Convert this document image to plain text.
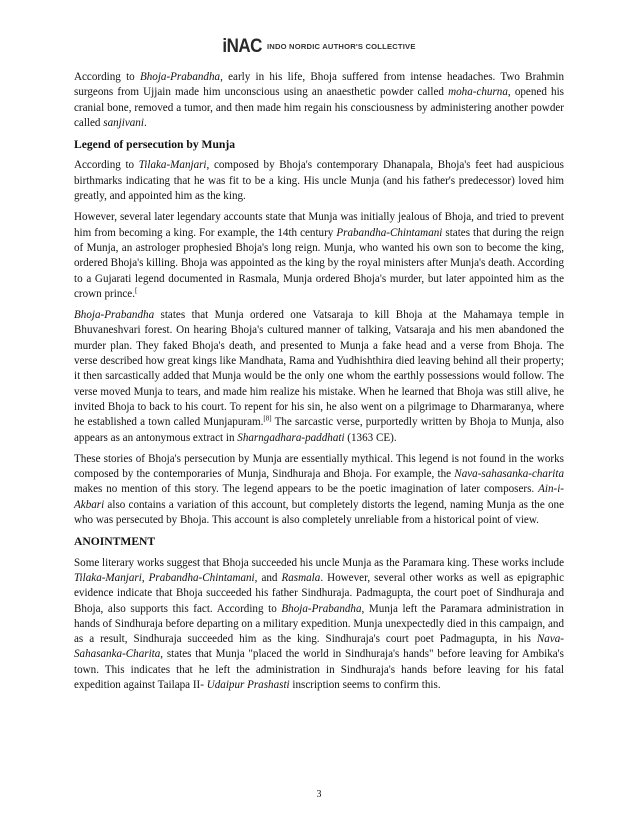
iNAC INDO NORDIC AUTHOR'S COLLECTIVE

According to Bhoja-Prabandha, early in his life, Bhoja suffered from intense headaches. Two Brahmin surgeons from Ujjain made him unconscious using an anaesthetic powder called moha-churna, opened his cranial bone, removed a tumor, and then made him regain his consciousness by administering another powder called sanjivani.

Legend of persecution by Munja

According to Tilaka-Manjari, composed by Bhoja's contemporary Dhanapala, Bhoja's feet had auspicious birthmarks indicating that he was fit to be a king. His uncle Munja (and his father's predecessor) loved him greatly, and appointed him as the king.

However, several later legendary accounts state that Munja was initially jealous of Bhoja, and tried to prevent him from becoming a king. For example, the 14th century Prabandha-Chintamani states that during the reign of Munja, an astrologer prophesied Bhoja's long reign. Munja, who wanted his own son to become the king, ordered Bhoja's killing. Bhoja was appointed as the king by the royal ministers after Munja's death. According to a Gujarati legend documented in Rasmala, Munja ordered Bhoja's murder, but later appointed him as the crown prince.[

Bhoja-Prabandha states that Munja ordered one Vatsaraja to kill Bhoja at the Mahamaya temple in Bhuvaneshvari forest. On hearing Bhoja's cultured manner of talking, Vatsaraja and his men abandoned the murder plan. They faked Bhoja's death, and presented to Munja a fake head and a verse from Bhoja. The verse described how great kings like Mandhata, Rama and Yudhishthira died leaving behind all their property; it then sarcastically added that Munja would be the only one whom the earthly possessions would follow. The verse moved Munja to tears, and made him realize his mistake. When he learned that Bhoja was still alive, he invited Bhoja to back to his court. To repent for his sin, he also went on a pilgrimage to Dharmaranya, where he established a town called Munjapuram.[8] The sarcastic verse, purportedly written by Bhoja to Munja, also appears as an antonymous extract in Sharngadhara-paddhati (1363 CE).

These stories of Bhoja's persecution by Munja are essentially mythical. This legend is not found in the works composed by the contemporaries of Munja, Sindhuraja and Bhoja. For example, the Nava-sahasanka-charita makes no mention of this story. The legend appears to be the poetic imagination of later composers. Ain-i-Akbari also contains a variation of this account, but completely distorts the legend, naming Munja as the one who was persecuted by Bhoja. This account is also completely unreliable from a historical point of view.

ANOINTMENT

Some literary works suggest that Bhoja succeeded his uncle Munja as the Paramara king. These works include Tilaka-Manjari, Prabandha-Chintamani, and Rasmala. However, several other works as well as epigraphic evidence indicate that Bhoja succeeded his father Sindhuraja. Padmagupta, the court poet of Sindhuraja and Bhoja, also supports this fact. According to Bhoja-Prabandha, Munja left the Paramara administration in hands of Sindhuraja before departing on a military expedition. Munja unexpectedly died in this campaign, and as a result, Sindhuraja succeeded him as the king. Sindhuraja's court poet Padmagupta, in his Nava-Sahasanka-Charita, states that Munja "placed the world in Sindhuraja's hands" before leaving for Ambika's town. This indicates that he left the administration in Sindhuraja's hands before leaving for his fatal expedition against Tailapa II- Udaipur Prashasti inscription seems to confirm this.

3
